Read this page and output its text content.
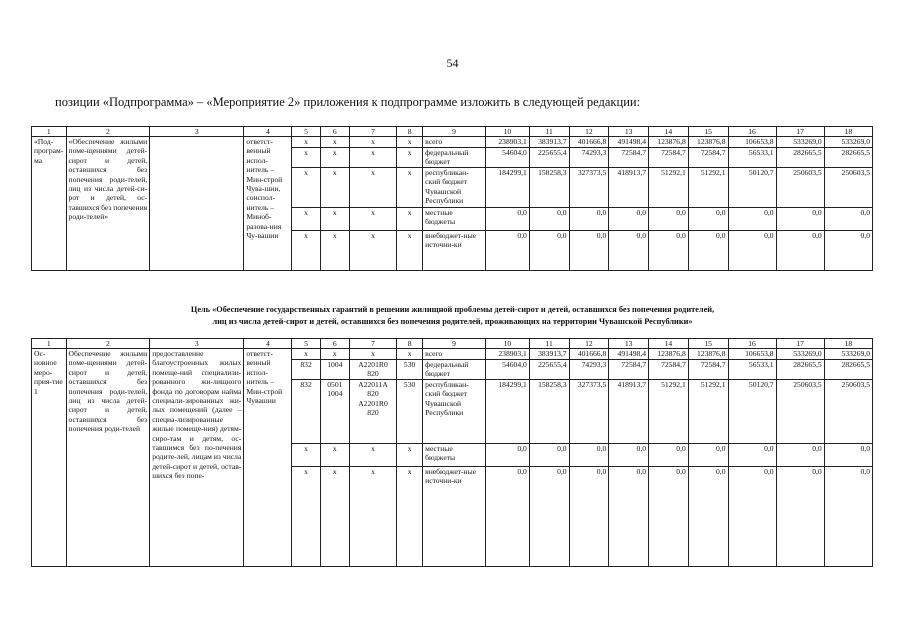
54
позиции «Подпрограмма» – «Мероприятие 2» приложения к подпрограмме изложить в следующей редакции:
1	2	3	4	5	6	7	8	9	10	11	12	13	14	15	16	17	18
«Под-програм-ма	«Обеспечение жилыми поме-щениями детей-сирот и детей, оставшихся без попечения роди-телей, лиц из числа детей-си-рот и детей, ос-тавшихся без попечения роди-телей»		ответст-венный испол-нитель – Мин-строй Чува-шии, соиспол-нитель – Миноб-разова-ния Чу-вашии	x	x	x	x	всего	238903,1	383913,7	401666,8	491498,4	123876,8	123876,8	106653,8	533269,0	533269,0
				x	x	x	x	федеральный бюджет	54604,0	225655,4	74293,3	72584,7	72584,7	72584,7	56533,1	282665,5	282665,5
				x	x	x	x	республикан-ский бюджет Чувашской Республики	184299,1	158258,3	327373,5	418913,7	51292,1	51292,1	50120,7	250603,5	250603,5
				x	x	x	x	местные бюджеты	0,0	0,0	0,0	0,0	0,0	0,0	0,0	0,0	0,0
				x	x	x	x	внебюджет-ные источни-ки	0,0	0,0	0,0	0,0	0,0	0,0	0,0	0,0	0,0
Цель «Обеспечение государственных гарантий в решении жилищной проблемы детей-сирот и детей, оставшихся без попечения родителей,
лиц из числа детей-сирот и детей, оставшихся без попечения родителей, проживающих на территории Чувашской Республики»
1	2	3	4	5	6	7	8	9	10	11	12	13	14	15	16	17	18
Ос-новное меро-прия-тие 1	Обеспечение жилыми поме-щениями детей-сирот и детей, оставшихся без попечения роди-телей, лиц из числа детей-сирот и детей, оставшихся без попечения роди-телей	предоставление благоустроенных жилых помеще-ний специализи-рованного жи-лищного фонда по договорам найма специали-зированных жи-лых помещений (далее – специа-лизированные жилые помеще-ния) детям-сиро-там и детям, ос-тавшимся без по-печения родите-лей, лицам из числа детей-сирот и детей, остав-шихся без попе-	ответст-венный испол-нитель – Мин-строй Чувашии	x	x	x	x	всего	238903,1	383913,7	401666,8	491498,4	123876,8	123876,8	106653,8	533269,0	533269,0
				832	1004	A2201R0 820	530	федеральный бюджет	54604,0	225655,4	74293,3	72584,7	72584,7	72584,7	56533,1	282665,5	282665,5
				832	0501 1004	A22011A 820 A2201R0 820	530	республикан-ский бюджет Чувашской Республики	184299,1	158258,3	327373,5	418913,7	51292,1	51292,1	50120,7	250603,5	250603,5
				x	x	x	x	местные бюджеты	0,0	0,0	0,0	0,0	0,0	0,0	0,0	0,0	0,0
				x	x	x	x	внебюджет-ные источни-ки	0,0	0,0	0,0	0,0	0,0	0,0	0,0	0,0	0,0
